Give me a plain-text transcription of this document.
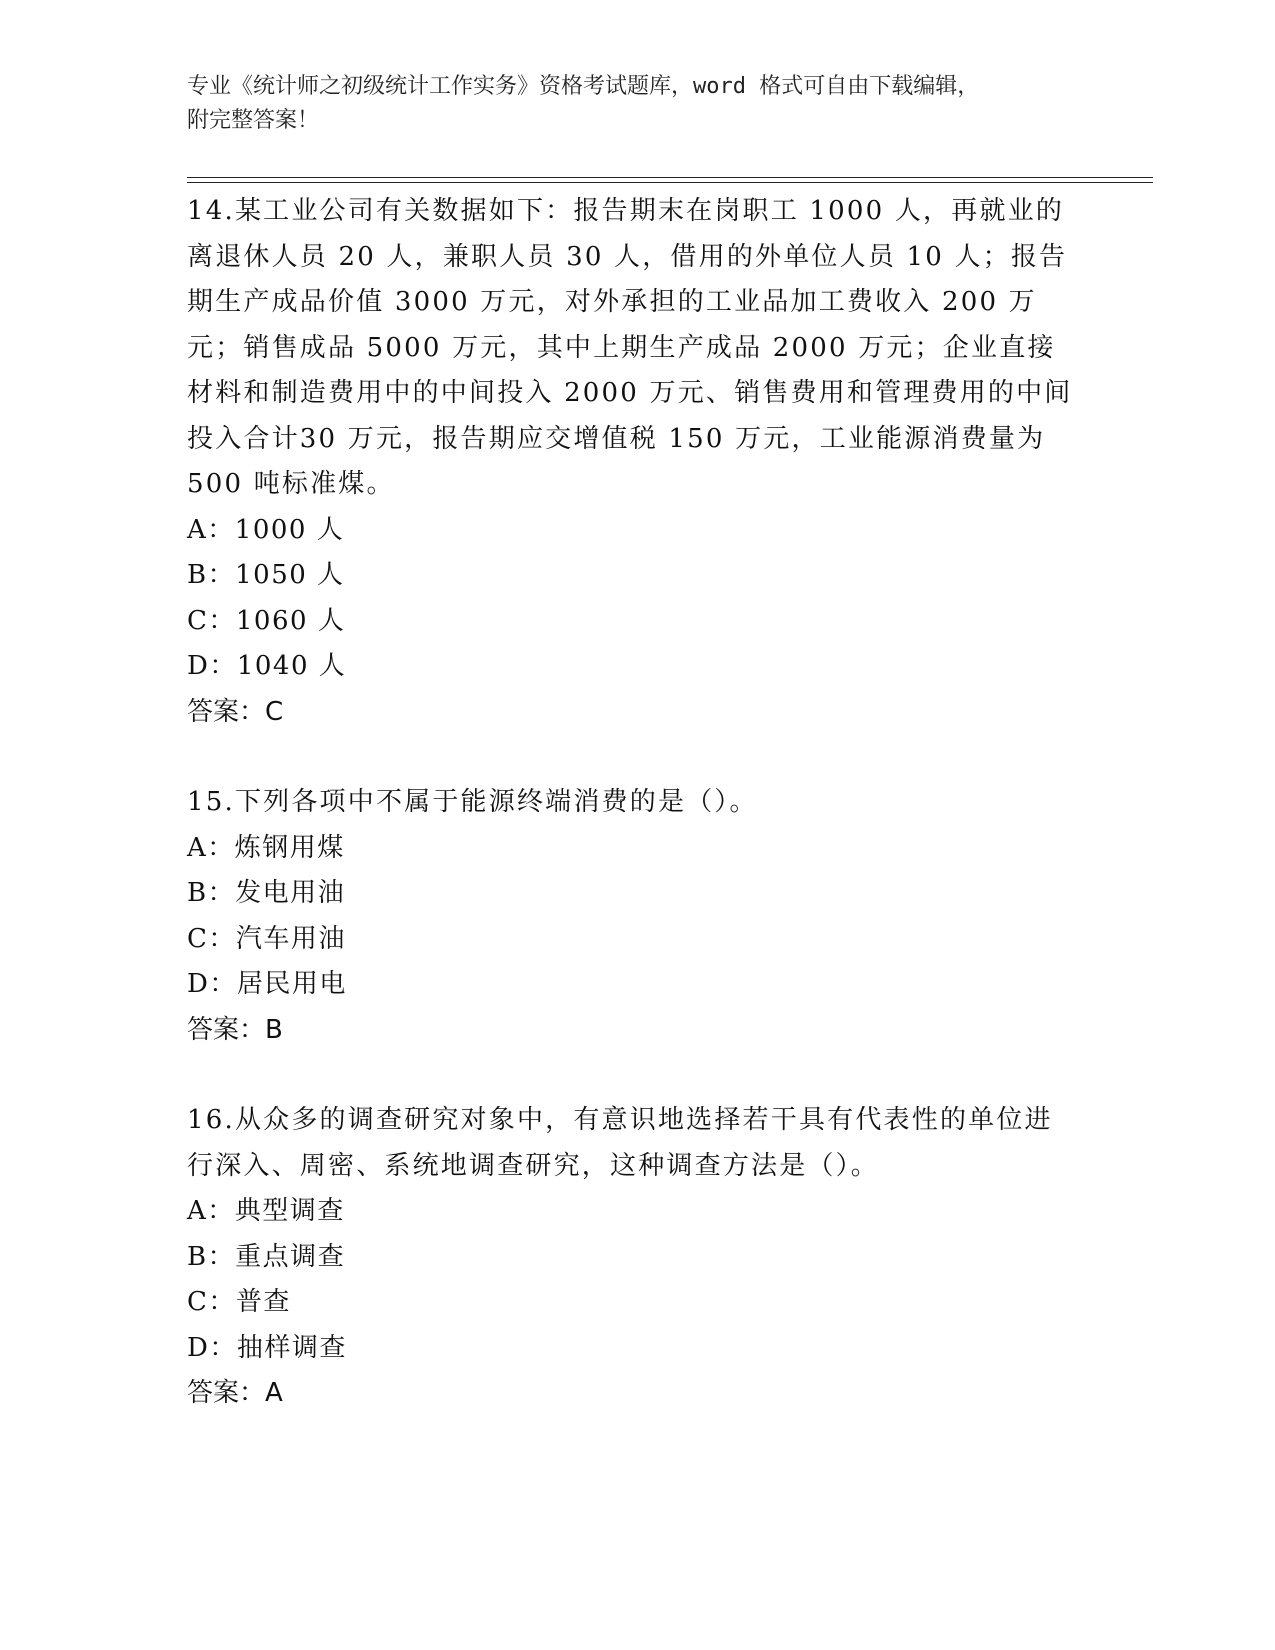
专业《统计师之初级统计工作实务》资格考试题库，word 格式可自由下载编辑，
附完整答案！

14.某工业公司有关数据如下：报告期末在岗职工 1000 人，再就业的离退休人员 20 人，兼职人员 30 人，借用的外单位人员 10 人；报告期生产成品价值 3000 万元，对外承担的工业品加工费收入 200 万元；销售成品 5000 万元，其中上期生产成品 2000 万元；企业直接材料和制造费用中的中间投入 2000 万元、销售费用和管理费用的中间投入合计30 万元，报告期应交增值税 150 万元，工业能源消费量为 500 吨标准煤。

A：1000 人

B：1050 人

C：1060 人

D：1040 人

答案：C

15.下列各项中不属于能源终端消费的是（）。

A：炼钢用煤

B：发电用油

C：汽车用油

D：居民用电

答案：B

16.从众多的调查研究对象中，有意识地选择若干具有代表性的单位进行深入、周密、系统地调查研究，这种调查方法是（）。

A：典型调查

B：重点调查

C：普查

D：抽样调查

答案：A
